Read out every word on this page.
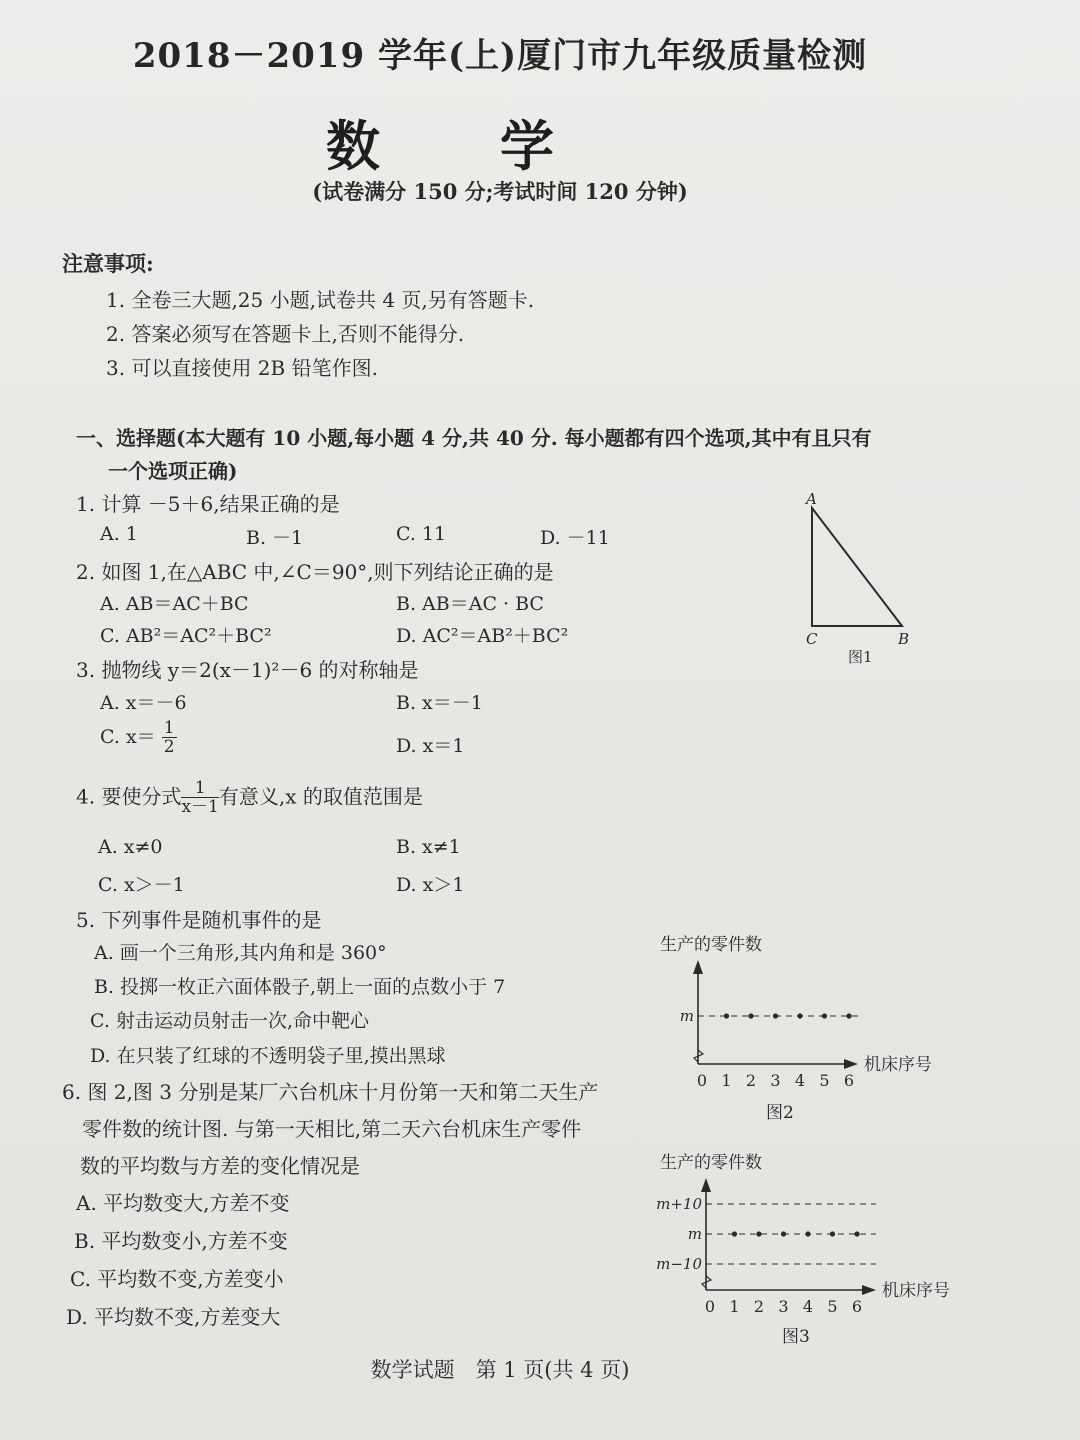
2018－2019 学年(上)厦门市九年级质量检测
数学
(试卷满分 150 分;考试时间 120 分钟)
注意事项:
1. 全卷三大题,25 小题,试卷共 4 页,另有答题卡.
2. 答案必须写在答题卡上,否则不能得分.
3. 可以直接使用 2B 铅笔作图.
一、选择题(本大题有 10 小题,每小题 4 分,共 40 分. 每小题都有四个选项,其中有且只有
一个选项正确)
1. 计算 －5＋6,结果正确的是
A. 1	B. －1	C. 11	D. －11
2. 如图 1,在△ABC 中,∠C＝90°,则下列结论正确的是
A. AB＝AC＋BC	B. AB＝AC · BC
C. AB²＝AC²＋BC²	D. AC²＝AB²＋BC²
3. 抛物线 y＝2(x－1)²－6 的对称轴是
A. x＝－6	B. x＝－1
C. $x= \frac{1}{2}$	D. x＝1
4. 要使分式 $\frac{1}{x-1}$ 有意义,x 的取值范围是
A. x≠0	B. x≠1
C. x＞－1	D. x＞1
5. 下列事件是随机事件的是
A. 画一个三角形,其内角和是 360°
B. 投掷一枚正六面体骰子,朝上一面的点数小于 7
C. 射击运动员射击一次,命中靶心
D. 在只装了红球的不透明袋子里,摸出黑球
6. 图 2,图 3 分别是某厂六台机床十月份第一天和第二天生产
零件数的统计图. 与第一天相比,第二天六台机床生产零件
数的平均数与方差的变化情况是
A. 平均数变大,方差不变
B. 平均数变小,方差不变
C. 平均数不变,方差变小
D. 平均数不变,方差变大
A
C	B
图1
生产的零件数
机床序号
0 1 2 3 4 5 6
m
图2
生产的零件数
机床序号
0 1 2 3 4 5 6
m+10
m
m−10
图3
数学试题　第 1 页(共 4 页)
